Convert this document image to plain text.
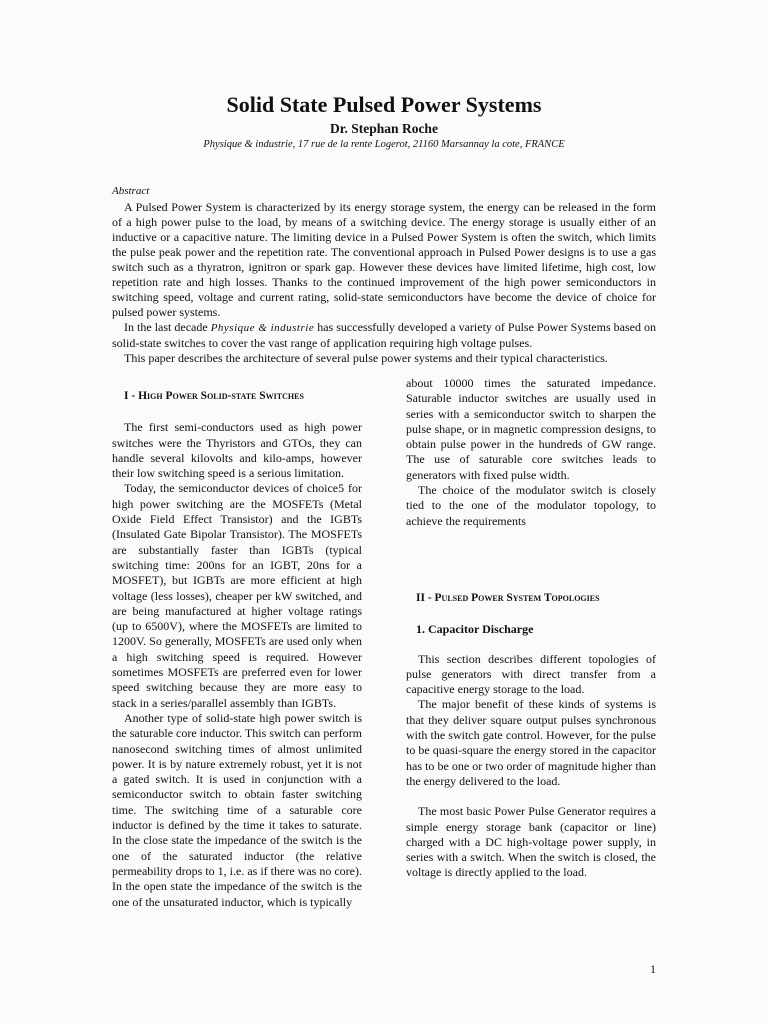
Solid State Pulsed Power Systems
Dr. Stephan Roche
Physique & industrie, 17 rue de la rente Logerot, 21160 Marsannay la cote, FRANCE
Abstract

A Pulsed Power System is characterized by its energy storage system, the energy can be released in the form of a high power pulse to the load, by means of a switching device. The energy storage is usually either of an inductive or a capacitive nature. The limiting device in a Pulsed Power System is often the switch, which limits the pulse peak power and the repetition rate. The conventional approach in Pulsed Power designs is to use a gas switch such as a thyratron, ignitron or spark gap. However these devices have limited lifetime, high cost, low repetition rate and high losses. Thanks to the continued improvement of the high power semiconductors in switching speed, voltage and current rating, solid-state semiconductors have become the device of choice for pulsed power systems.

In the last decade Physique & industrie has successfully developed a variety of Pulse Power Systems based on solid-state switches to cover the vast range of application requiring high voltage pulses.

This paper describes the architecture of several pulse power systems and their typical characteristics.

I - High Power Solid-state Switches

The first semi-conductors used as high power switches were the Thyristors and GTOs, they can handle several kilovolts and kilo-amps, however their low switching speed is a serious limitation.

Today, the semiconductor devices of choice5 for high power switching are the MOSFETs (Metal Oxide Field Effect Transistor) and the IGBTs (Insulated Gate Bipolar Transistor). The MOSFETs are substantially faster than IGBTs (typical switching time: 200ns for an IGBT, 20ns for a MOSFET), but IGBTs are more efficient at high voltage (less losses), cheaper per kW switched, and are being manufactured at higher voltage ratings (up to 6500V), where the MOSFETs are limited to 1200V. So generally, MOSFETs are used only when a high switching speed is required. However sometimes MOSFETs are preferred even for lower speed switching because they are more easy to stack in a series/parallel assembly than IGBTs.

Another type of solid-state high power switch is the saturable core inductor. This switch can perform nanosecond switching times of almost unlimited power. It is by nature extremely robust, yet it is not a gated switch. It is used in conjunction with a semiconductor switch to obtain faster switching time. The switching time of a saturable core inductor is defined by the time it takes to saturate. In the close state the impedance of the switch is the one of the saturated inductor (the relative permeability drops to 1, i.e. as if there was no core). In the open state the impedance of the switch is the one of the unsaturated inductor, which is typically

about 10000 times the saturated impedance. Saturable inductor switches are usually used in series with a semiconductor switch to sharpen the pulse shape, or in magnetic compression designs, to obtain pulse power in the hundreds of GW range. The use of saturable core switches leads to generators with fixed pulse width.

The choice of the modulator switch is closely tied to the one of the modulator topology, to achieve the requirements

II - Pulsed Power System Topologies
1. Capacitor Discharge

This section describes different topologies of pulse generators with direct transfer from a capacitive energy storage to the load.

The major benefit of these kinds of systems is that they deliver square output pulses synchronous with the switch gate control. However, for the pulse to be quasi-square the energy stored in the capacitor has to be one or two order of magnitude higher than the energy delivered to the load.

The most basic Power Pulse Generator requires a simple energy storage bank (capacitor or line) charged with a DC high-voltage power supply, in series with a switch. When the switch is closed, the voltage is directly applied to the load.

1
